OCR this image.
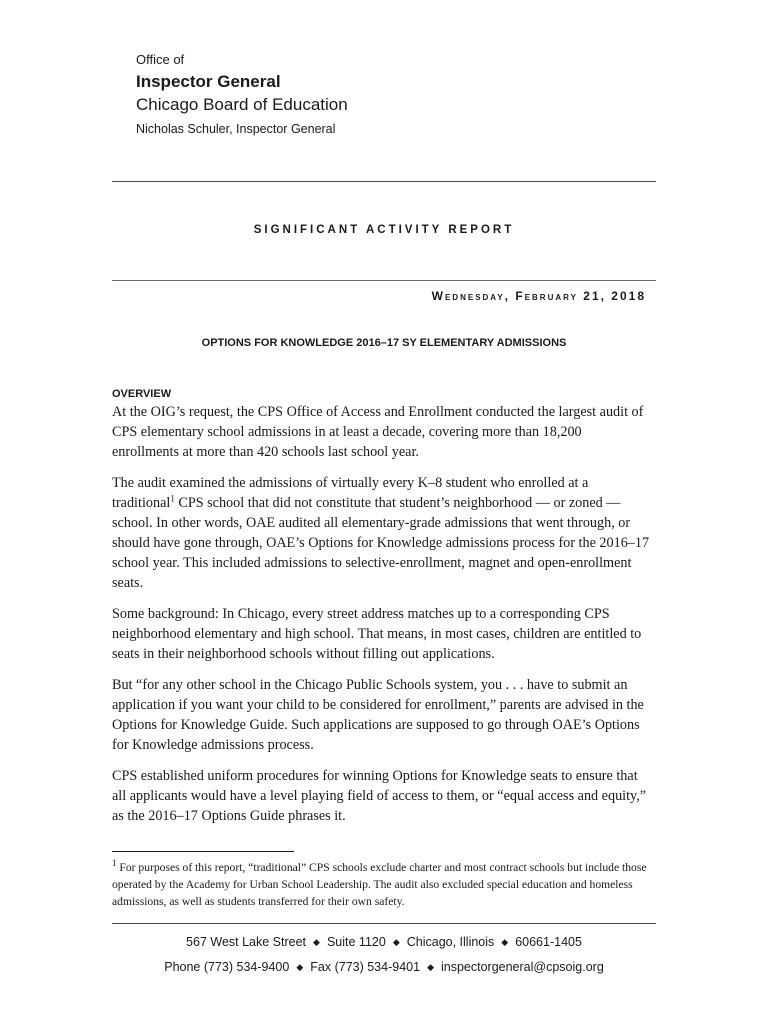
Office of
Inspector General
Chicago Board of Education
Nicholas Schuler, Inspector General
SIGNIFICANT ACTIVITY REPORT
Wednesday, February 21, 2018
OPTIONS FOR KNOWLEDGE 2016–17 SY ELEMENTARY ADMISSIONS
OVERVIEW

At the OIG’s request, the CPS Office of Access and Enrollment conducted the largest audit of CPS elementary school admissions in at least a decade, covering more than 18,200 enrollments at more than 420 schools last school year.

The audit examined the admissions of virtually every K–8 student who enrolled at a traditional$^1$ CPS school that did not constitute that student’s neighborhood — or zoned — school. In other words, OAE audited all elementary-grade admissions that went through, or should have gone through, OAE’s Options for Knowledge admissions process for the 2016–17 school year. This included admissions to selective-enrollment, magnet and open-enrollment seats.

Some background: In Chicago, every street address matches up to a corresponding CPS neighborhood elementary and high school. That means, in most cases, children are entitled to seats in their neighborhood schools without filling out applications.

But “for any other school in the Chicago Public Schools system, you . . . have to submit an application if you want your child to be considered for enrollment,” parents are advised in the Options for Knowledge Guide. Such applications are supposed to go through OAE’s Options for Knowledge admissions process.

CPS established uniform procedures for winning Options for Knowledge seats to ensure that all applicants would have a level playing field of access to them, or “equal access and equity,” as the 2016–17 Options Guide phrases it.

$^1$ For purposes of this report, “traditional” CPS schools exclude charter and most contract schools but include those operated by the Academy for Urban School Leadership. The audit also excluded special education and homeless admissions, as well as students transferred for their own safety.
567 West Lake Street ◆ Suite 1120 ◆ Chicago, Illinois ◆ 60661-1405
Phone (773) 534-9400 ◆ Fax (773) 534-9401 ◆ inspectorgeneral@cpsoig.org
